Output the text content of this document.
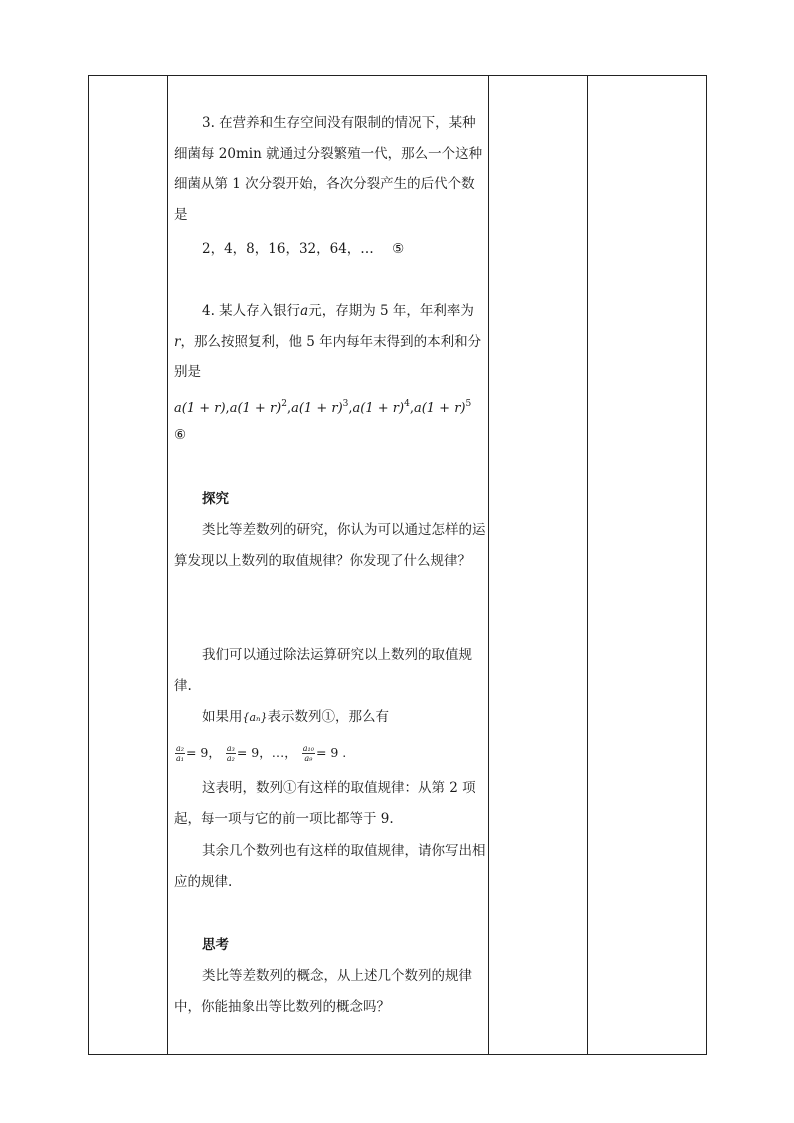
3. 在营养和生存空间没有限制的情况下，某种细菌每 20min 就通过分裂繁殖一代，那么一个这种细菌从第 1 次分裂开始，各次分裂产生的后代个数是
2，4，8，16，32，64，… ⑤
4. 某人存入银行a元，存期为 5 年，年利率为r，那么按照复利，他 5 年内每年末得到的本利和分别是
$a(1 + r),a(1 + r)^2,a(1 + r)^3,a(1 + r)^4,a(1 + r)^5$
⑥
探究
类比等差数列的研究，你认为可以通过怎样的运算发现以上数列的取值规律？你发现了什么规律？
我们可以通过除法运算研究以上数列的取值规律.
如果用{aₙ}表示数列①，那么有
$\frac{\text{a₂}}{\text{a₁}} = 9$， $\frac{\text{a₃}}{\text{a₂}} = 9$，…， $\frac{\text{a₁₀}}{\text{a₉}} = 9$ .
这表明，数列①有这样的取值规律：从第 2 项起，每一项与它的前一项比都等于 9.
其余几个数列也有这样的取值规律，请你写出相应的规律.
思考
类比等差数列的概念，从上述几个数列的规律中，你能抽象出等比数列的概念吗？
